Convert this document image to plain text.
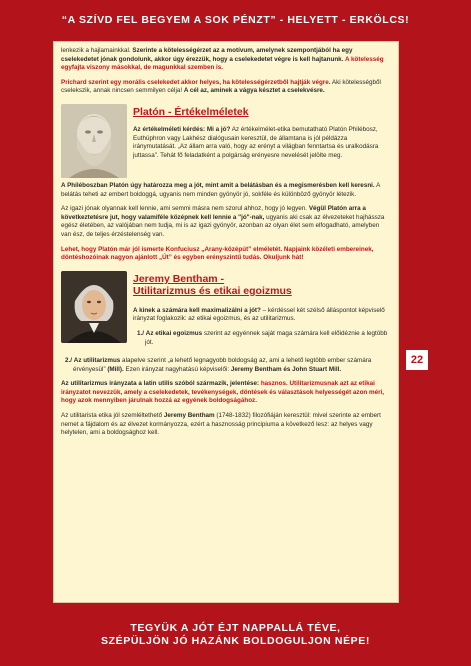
“A SZÍVD FEL BEGYEM A SOK PÉNZT” - HELYETT - ERKÖLCS!

lenkezik a hajlamainkkal. Szerinte a kötelességérzet az a motívum, amelynek szempontjából ha egy cselekedetet jónak gondolunk, akkor úgy érezzük, hogy a cselekedetet végre is kell hajtanunk. A kötelesség egyfajta viszony másokkal, de magunkkal szemben is.

Prichard szerint egy morális cselekedet akkor helyes, ha kötelességérzetből hajtják végre. Aki kötelességből cselekszik, annak nincsen semmilyen célja! A cél az, aminek a vágya késztet a cselekvésre.

Platón - Értékelméletek

Az értékelméleti kérdés: Mi a jó? Az értékelmélet-etika bemutatható Platón Philébosz, Euthüphron vagy Lakhész dialógusain keresztül, de államtana is jól példázza iránymutatását. „Az állam arra való, hogy az erényt a világban fenntartsa és uralkodásra juttassa”. Tehát fő feladatként a polgárság erényesre nevelését jelölte meg.

A Philéboszban Platón úgy határozza meg a jót, mint amit a belátásban és a megismerésben kell keresni. A belátás teheti az embert boldoggá, ugyanis nem minden gyönyör jó, sokféle és különböző gyönyör létezik.

Az igazi jónak olyannak kell lennie, ami semmi másra nem szorul ahhoz, hogy jó legyen. Végül Platón arra a következtetésre jut, hogy valamiféle középnek kell lennie a "jó"-nak, ugyanis aki csak az élvezeteket hajhássza egész életében, az valójában nem tudja, mi is az igazi gyönyör, azonban az olyan élet sem elfogadható, amelyben van ész, de teljes érzéstelenség van.

Lehet, hogy Platón már jól ismerte Konfuciusz „Arany-középút” elméletét. Napjaink közéleti embereinek, döntéshozóinak nagyon ajánlott „Út” és egyben erényszintű tudás. Okuljunk hát!

Jeremy Bentham -
Utilitarizmus és etikai egoizmus

A kinek a számára kell maximalizálni a jót? – kérdéssel két szélső álláspontot képviselő irányzat foglakozik: az etikai egoizmus, és az utilitarizmus.

1./ Az etikai egoizmus szerint az egyénnek saját maga számára kell előidéznie a legtöbb jót.

2./ Az utilitarizmus alapelve szerint „a lehető legnagyobb boldogság az, ami a lehető legtöbb ember számára érvényesül” (Mill). Ezen irányzat nagyhatású képviselői: Jeremy Bentham és John Stuart Mill.

Az utilitarizmus irányzata a latin utilis szóból származik, jelentése: hasznos. Utilitarizmusnak azt az etikai irányzatot nevezzük, amely a cselekedetek, tevékenységek, döntések és választások helyességét azon méri, hogy azok mennyiben járulnak hozzá az egyének boldogságához.

Az utilitarista etika jól szemléltethető Jeremy Bentham (1748-1832) filozófiáján keresztül: mivel szerinte az embert nemet a fájdalom és az élvezet kormányozza, ezért a hasznosság principiuma a következő lesz: az helyes vagy helytelen, ami a boldogsághoz kell.

22
TEGYÜK A JÓT ÉJT NAPPALLÁ TÉVE,
SZÉPÜLJÖN JÓ HAZÁNK BOLDOGULJON NÉPE!
